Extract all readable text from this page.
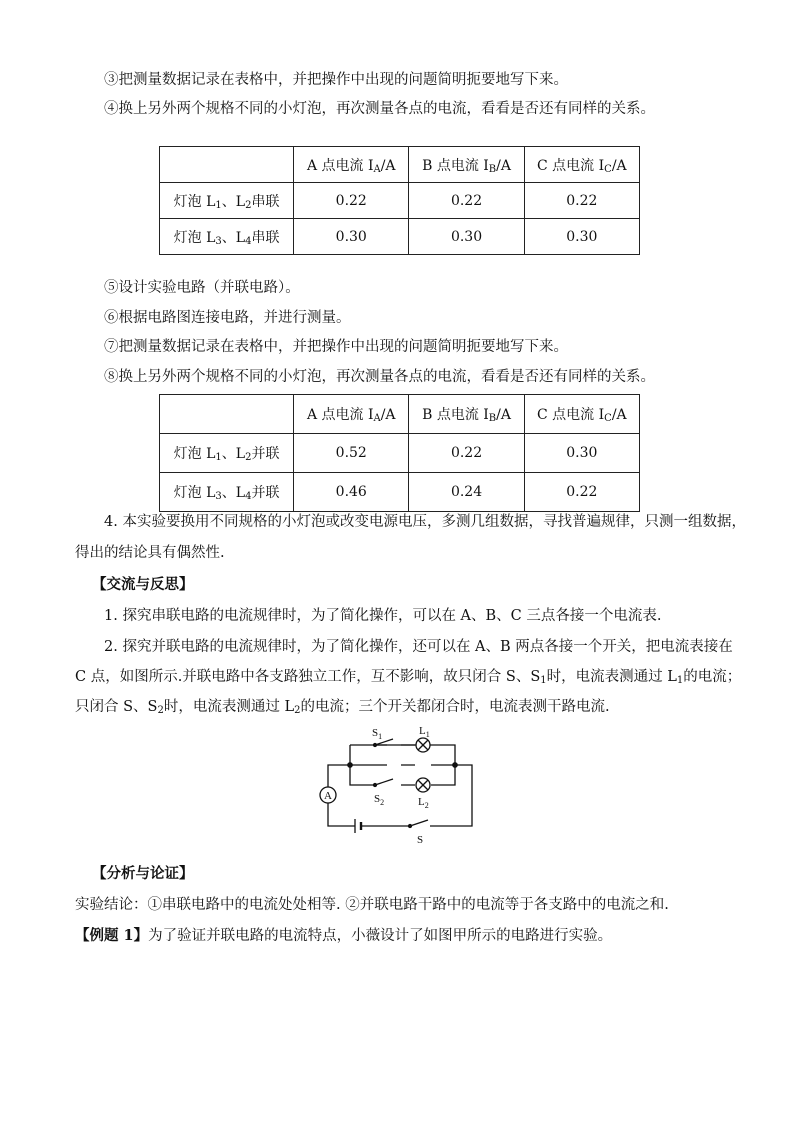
③把测量数据记录在表格中，并把操作中出现的问题简明扼要地写下来。
④换上另外两个规格不同的小灯泡，再次测量各点的电流，看看是否还有同样的关系。
	A 点电流 $I_A/A$	B 点电流 $I_B/A$	C 点电流 $I_C/A$
灯泡 $L_1$、$L_2$串联	0.22	0.22	0.22
灯泡 $L_3$、$L_4$串联	0.30	0.30	0.30
⑤设计实验电路（并联电路）。
⑥根据电路图连接电路，并进行测量。
⑦把测量数据记录在表格中，并把操作中出现的问题简明扼要地写下来。
⑧换上另外两个规格不同的小灯泡，再次测量各点的电流，看看是否还有同样的关系。
	A 点电流 $I_A/A$	B 点电流 $I_B/A$	C 点电流 $I_C/A$
灯泡 $L_1$、$L_2$并联	0.52	0.22	0.30
灯泡 $L_3$、$L_4$并联	0.46	0.24	0.22
4. 本实验要换用不同规格的小灯泡或改变电源电压，多测几组数据，寻找普遍规律，只测一组数据，
得出的结论具有偶然性.
【交流与反思】
1. 探究串联电路的电流规律时，为了简化操作，可以在 A、B、C 三点各接一个电流表.
2. 探究并联电路的电流规律时，为了简化操作，还可以在 A、B 两点各接一个开关，把电流表接在
C 点，如图所示.并联电路中各支路独立工作，互不影响，故只闭合 S、$S_1$时，电流表测通过 $L_1$的电流；
只闭合 S、$S_2$时，电流表测通过 $L_2$的电流；三个开关都闭合时，电流表测干路电流.
A
$S_1$	$L_1$
$S_2$	$L_2$
S
【分析与论证】
实验结论：①串联电路中的电流处处相等. ②并联电路干路中的电流等于各支路中的电流之和.
【例题 1】为了验证并联电路的电流特点，小薇设计了如图甲所示的电路进行实验。
